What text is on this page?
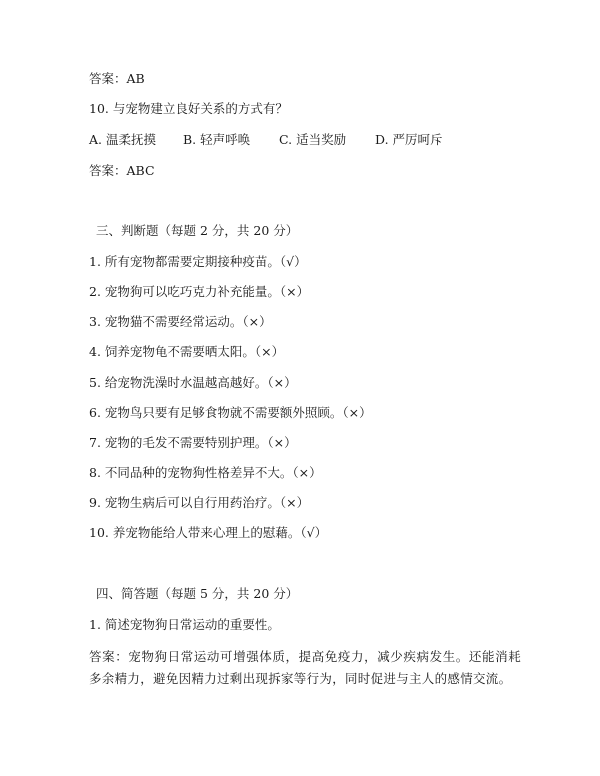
答案：AB
10. 与宠物建立良好关系的方式有？
A. 温柔抚摸 B. 轻声呼唤 C. 适当奖励 D. 严厉呵斥
答案：ABC
三、判断题（每题 2 分，共 20 分）
1. 所有宠物都需要定期接种疫苗。（√）
2. 宠物狗可以吃巧克力补充能量。（×）
3. 宠物猫不需要经常运动。（×）
4. 饲养宠物龟不需要晒太阳。（×）
5. 给宠物洗澡时水温越高越好。（×）
6. 宠物鸟只要有足够食物就不需要额外照顾。（×）
7. 宠物的毛发不需要特别护理。（×）
8. 不同品种的宠物狗性格差异不大。（×）
9. 宠物生病后可以自行用药治疗。（×）
10. 养宠物能给人带来心理上的慰藉。（√）
四、简答题（每题 5 分，共 20 分）
1. 简述宠物狗日常运动的重要性。
答案：宠物狗日常运动可增强体质，提高免疫力，减少疾病发生。还能消耗多余精力，避免因精力过剩出现拆家等行为，同时促进与主人的感情交流。
